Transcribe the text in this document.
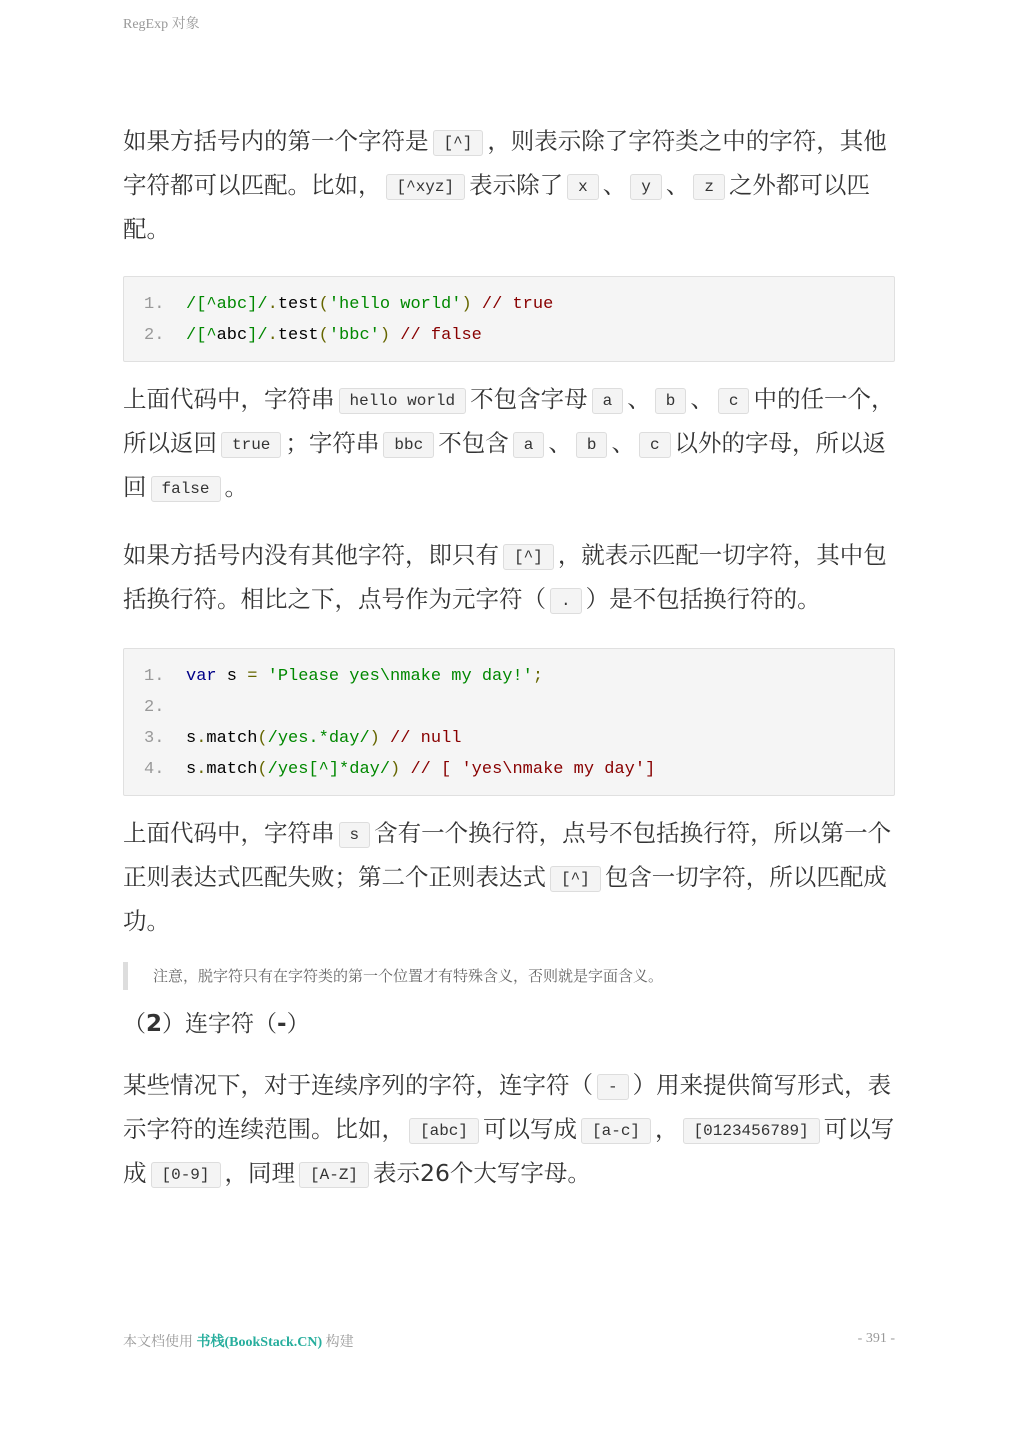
RegExp 对象

如果方括号内的第一个字符是 [^] ，则表示除了字符类之中的字符，其他字符都可以匹配。比如， [^xyz] 表示除了 x 、 y 、 z 之外都可以匹配。

1. /[^abc]/.test('hello world') // true
2. /[^abc]/.test('bbc') // false

上面代码中，字符串 hello world 不包含字母 a 、 b 、 c 中的任一个，所以返回 true ；字符串 bbc 不包含 a 、 b 、 c 以外的字母，所以返回 false 。

如果方括号内没有其他字符，即只有 [^] ，就表示匹配一切字符，其中包括换行符。相比之下，点号作为元字符（ . ）是不包括换行符的。

1. var s = 'Please yes\nmake my day!';
2.
3. s.match(/yes.*day/) // null
4. s.match(/yes[^]*day/) // [ 'yes\nmake my day']

上面代码中，字符串 s 含有一个换行符，点号不包括换行符，所以第一个正则表达式匹配失败；第二个正则表达式 [^] 包含一切字符，所以匹配成功。

注意，脱字符只有在字符类的第一个位置才有特殊含义，否则就是字面含义。
（2）连字符（-）

某些情况下，对于连续序列的字符，连字符（ - ）用来提供简写形式，表示字符的连续范围。比如， [abc] 可以写成 [a-c] ， [0123456789] 可以写成 [0-9] ，同理 [A-Z] 表示26个大写字母。

本文档使用 书栈(BookStack.CN) 构建	- 391 -
